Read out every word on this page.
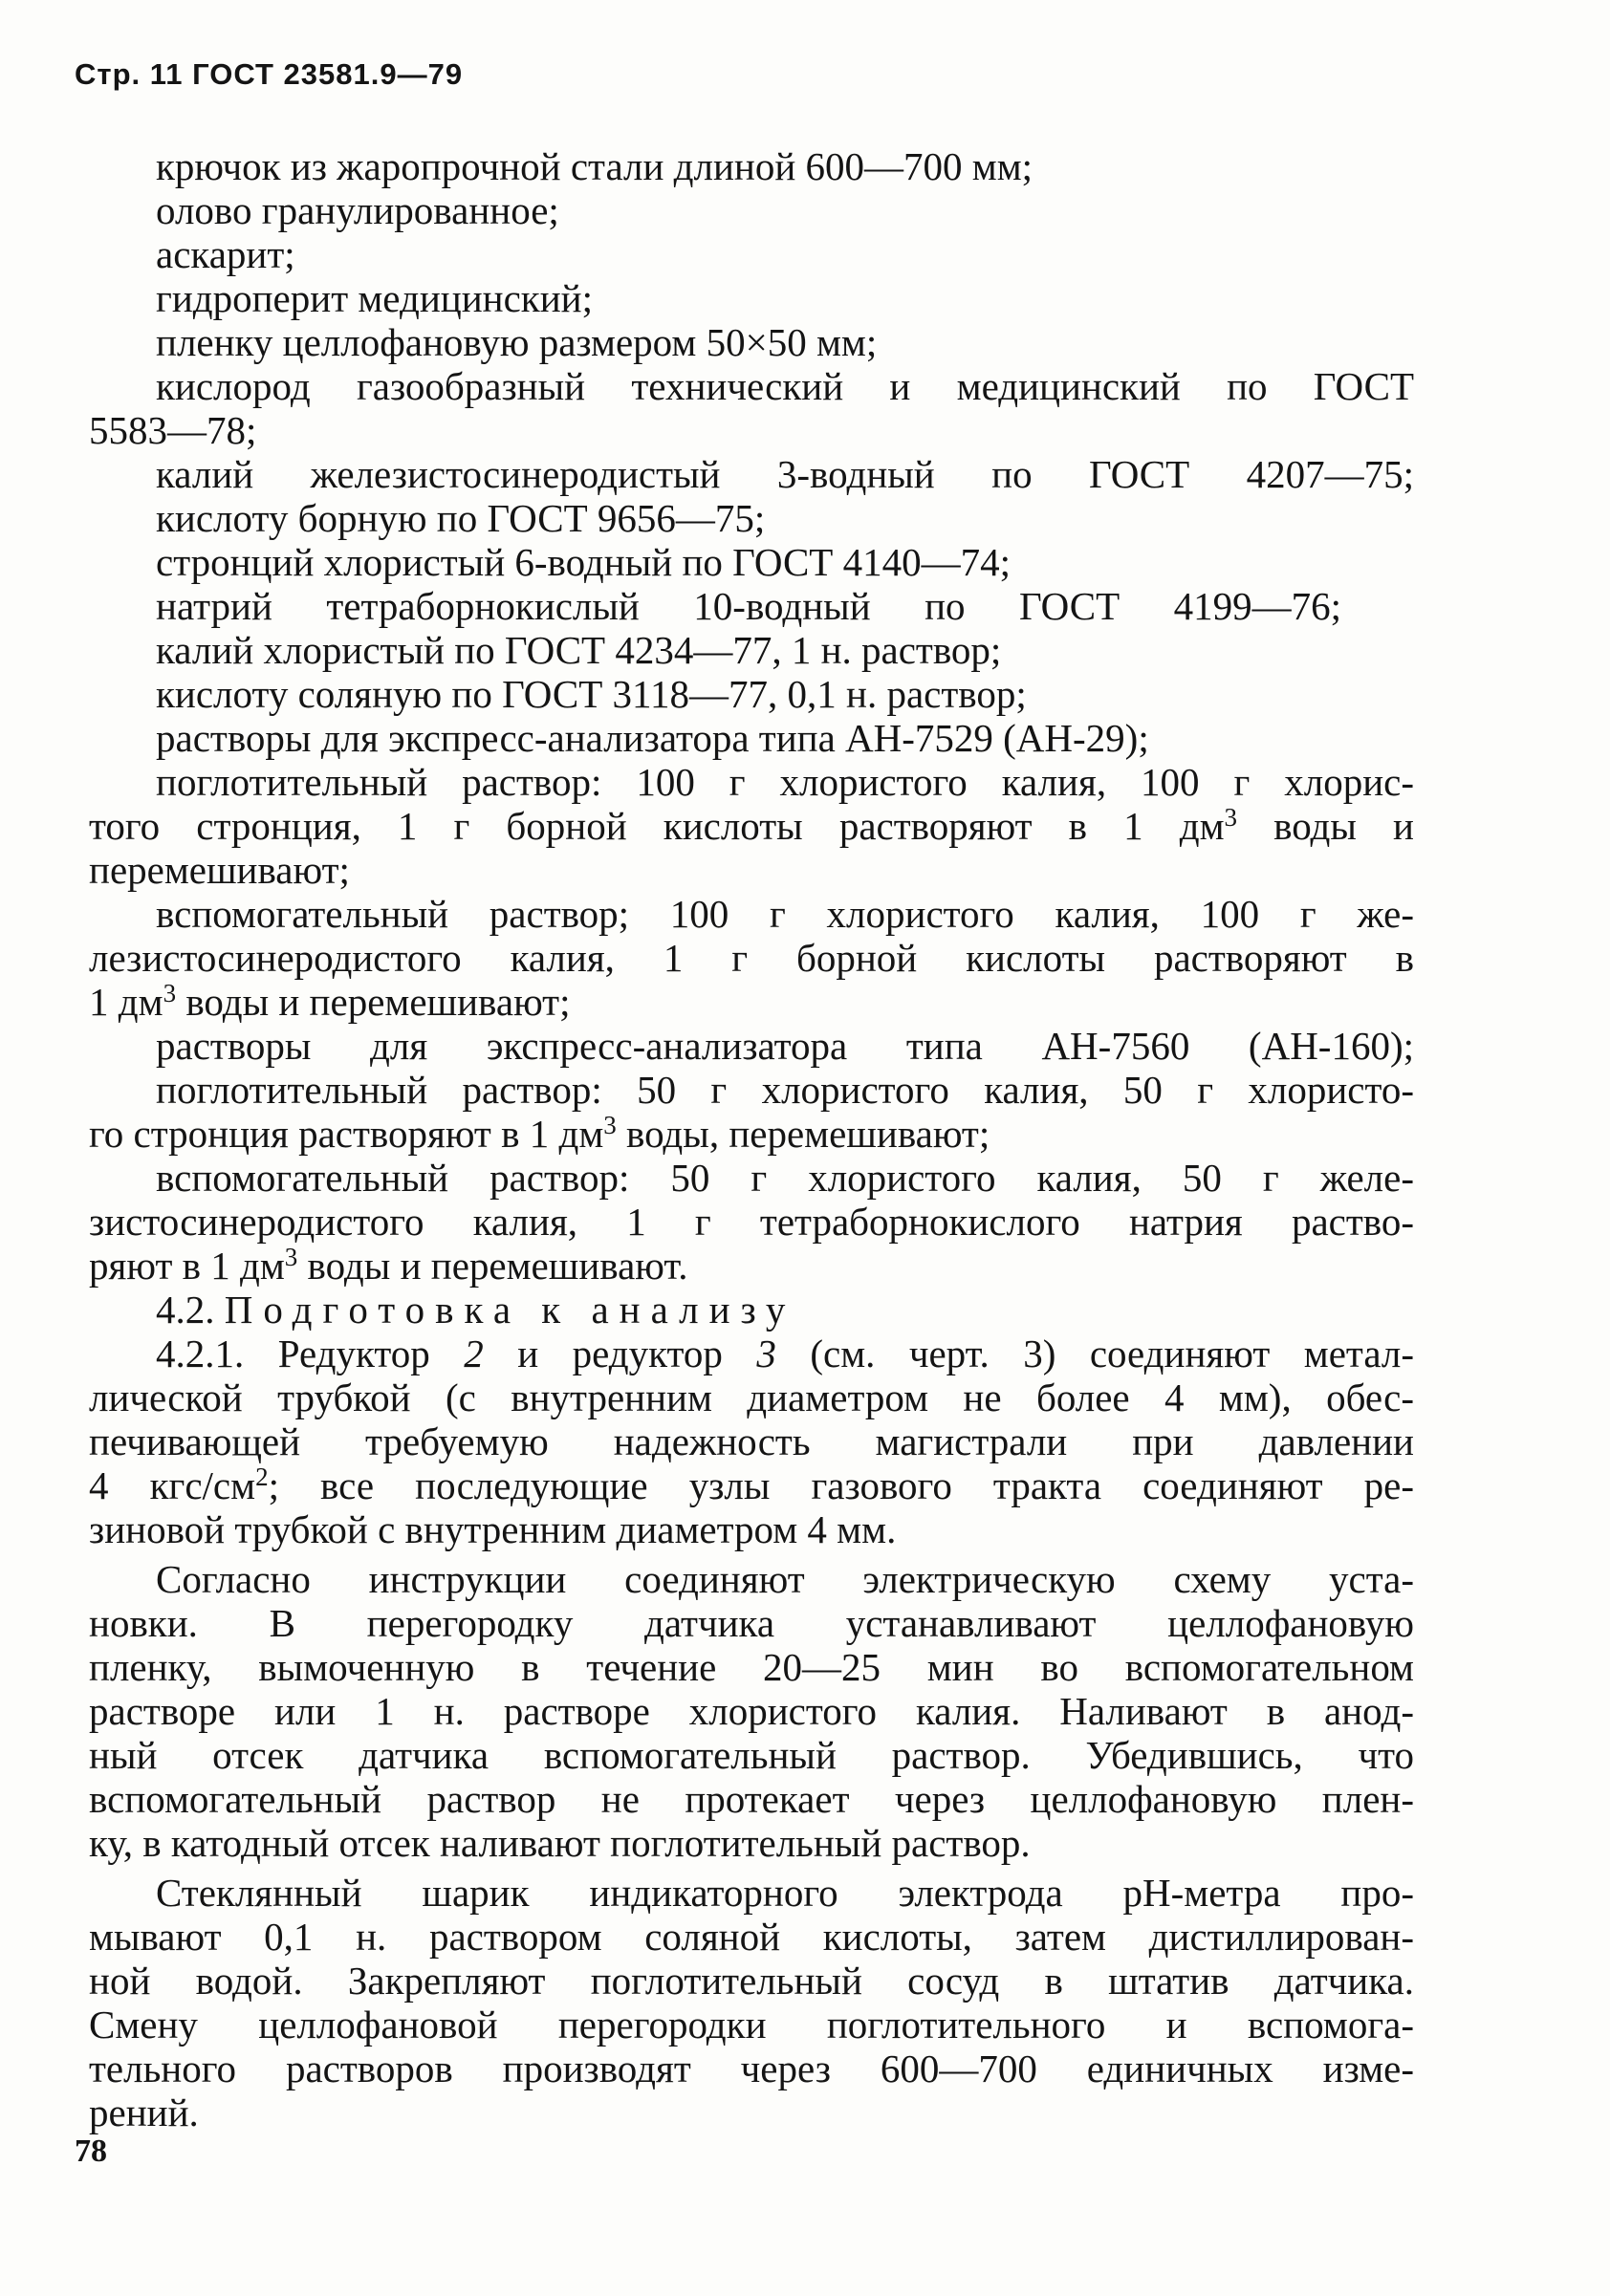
Стр. 11 ГОСТ 23581.9—79
крючок из жаропрочной стали длиной 600—700 мм;
олово гранулированное;
аскарит;
гидроперит медицинский;
пленку целлофановую размером 50×50 мм;
кислород газообразный технический и медицинский по ГОСТ
5583—78;
калий железистосинеродистый 3-водный по ГОСТ 4207—75;
кислоту борную по ГОСТ 9656—75;
стронций хлористый 6-водный по ГОСТ 4140—74;
натрий тетраборнокислый 10-водный по ГОСТ 4199—76;
калий хлористый по ГОСТ 4234—77, 1 н. раствор;
кислоту соляную по ГОСТ 3118—77, 0,1 н. раствор;
растворы для экспресс-анализатора типа АН-7529 (АН-29);
поглотительный раствор: 100 г хлористого калия, 100 г хлорис-
того стронция, 1 г борной кислоты растворяют в 1 $дм^3$ воды и
перемешивают;
вспомогательный раствор; 100 г хлористого калия, 100 г же-
лезистосинеродистого калия, 1 г борной кислоты растворяют в
1 $дм^3$ воды и перемешивают;
растворы для экспресс-анализатора типа АН-7560 (АН-160);
поглотительный раствор: 50 г хлористого калия, 50 г хлористо-
го стронция растворяют в 1 $дм^3$ воды, перемешивают;
вспомогательный раствор: 50 г хлористого калия, 50 г желе-
зистосинеродистого калия, 1 г тетраборнокислого натрия раство-
ряют в 1 $дм^3$ воды и перемешивают.
4.2. Подготовка к анализу
4.2.1. Редуктор 2 и редуктор 3 (см. черт. 3) соединяют метал-
лической трубкой (с внутренним диаметром не более 4 мм), обес-
печивающей требуемую надежность магистрали при давлении
4 кгс/$см^2$; все последующие узлы газового тракта соединяют ре-
зиновой трубкой с внутренним диаметром 4 мм.
Согласно инструкции соединяют электрическую схему уста-
новки. В перегородку датчика устанавливают целлофановую
пленку, вымоченную в течение 20—25 мин во вспомогательном
растворе или 1 н. растворе хлористого калия. Наливают в анод-
ный отсек датчика вспомогательный раствор. Убедившись, что
вспомогательный раствор не протекает через целлофановую плен-
ку, в катодный отсек наливают поглотительный раствор.
Стеклянный шарик индикаторного электрода рН-метра про-
мывают 0,1 н. раствором соляной кислоты, затем дистиллирован-
ной водой. Закрепляют поглотительный сосуд в штатив датчика.
Смену целлофановой перегородки поглотительного и вспомога-
тельного растворов производят через 600—700 единичных изме-
рений.
78
